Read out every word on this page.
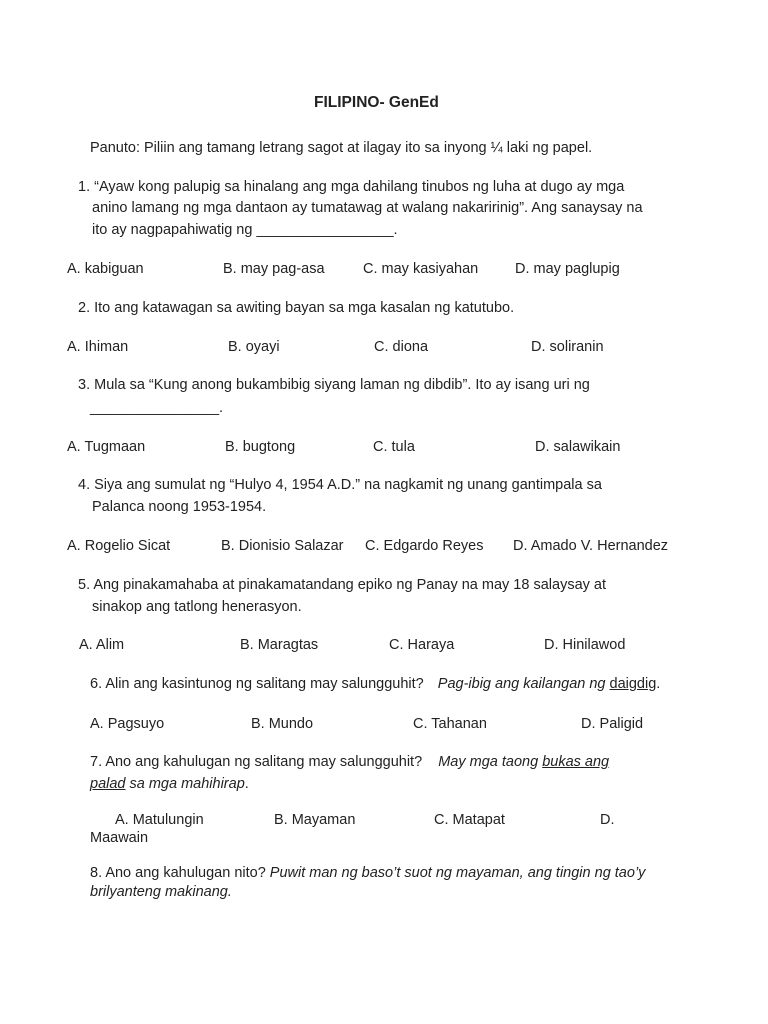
FILIPINO- GenEd
Panuto: Piliin ang tamang letrang sagot at ilagay ito sa inyong ¼ laki ng papel.
1. “Ayaw kong palupig sa hinalang ang mga dahilang tinubos ng luha at dugo ay mga
anino lamang ng mga dantaon ay tumatawag at walang nakaririnig”. Ang sanaysay na
ito ay nagpapahiwatig ng _________________.
A. kabiguan	B. may pag-asa	C. may kasiyahan	D. may paglupig
2. Ito ang katawagan sa awiting bayan sa mga kasalan ng katutubo.
A. Ihiman	B. oyayi	C. diona	D. soliranin
3. Mula sa “Kung anong bukambibig siyang laman ng dibdib”. Ito ay isang uri ng
________________.
A. Tugmaan	B. bugtong	C. tula	D. salawikain
4. Siya ang sumulat ng “Hulyo 4, 1954 A.D.” na nagkamit ng unang gantimpala sa
Palanca noong 1953-1954.
A. Rogelio Sicat	B. Dionisio Salazar C. Edgardo Reyes D. Amado V. Hernandez
5. Ang pinakamahaba at pinakamatandang epiko ng Panay na may 18 salaysay at
sinakop ang tatlong henerasyon.
A. Alim	B. Maragtas	C. Haraya	D. Hinilawod
6. Alin ang kasintunog ng salitang may salungguhit? Pag-ibig ang kailangan ng daigdig.
A. Pagsuyo	B. Mundo	C. Tahanan	D. Paligid
7. Ano ang kahulugan ng salitang may salungguhit? May mga taong bukas ang
palad sa mga mahihirap.
A. Matulungin	B. Mayaman	C. Matapat	D.
Maawain
8. Ano ang kahulugan nito? Puwit man ng baso’t suot ng mayaman, ang tingin ng tao’y
brilyanteng makinang.
